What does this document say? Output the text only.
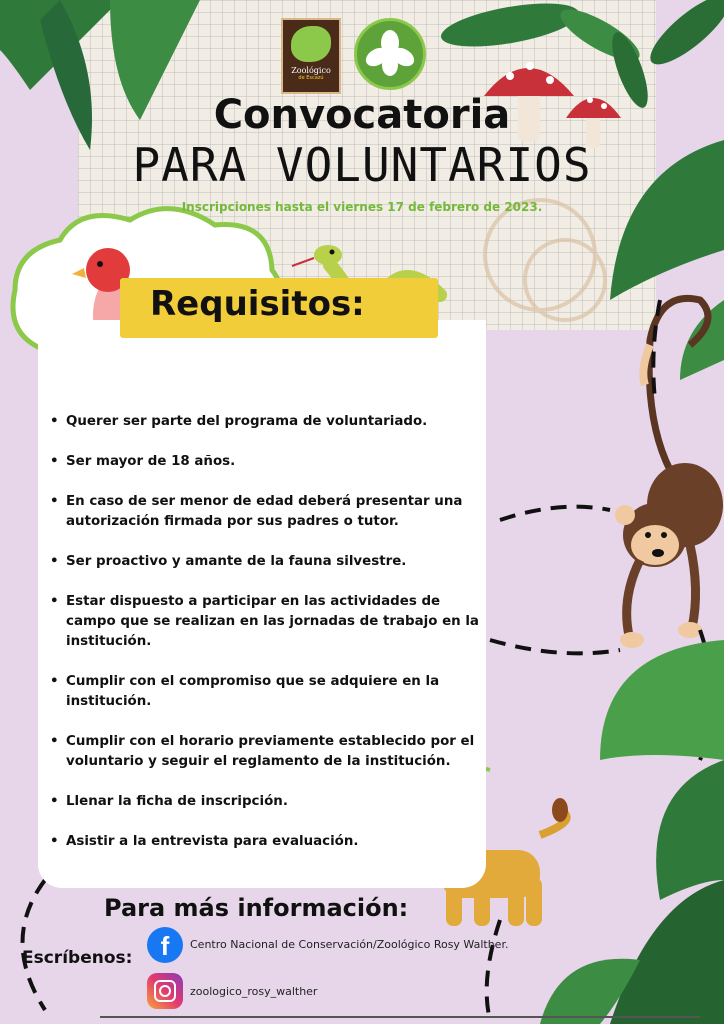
Zoológico
de Escazú
Convocatoria
PARA VOLUNTARIOS
Inscripciones hasta el viernes 17 de febrero de 2023.
Requisitos:
• Querer ser parte del programa de voluntariado.
• Ser mayor de 18 años.
• En caso de ser menor de edad deberá presentar una autorización firmada por sus padres o tutor.
• Ser proactivo y amante de la fauna silvestre.
• Estar dispuesto a participar en las actividades de campo que se realizan en las jornadas de trabajo en la institución.
• Cumplir con el compromiso que se adquiere en la institución.
• Cumplir con el horario previamente establecido por el voluntario y seguir el reglamento de la institución.
• Llenar la ficha de inscripción.
• Asistir a la entrevista para evaluación.
Para más información:
Escríbenos:	f	Centro Nacional de Conservación/Zoológico Rosy Walther.
zoologico_rosy_walther
